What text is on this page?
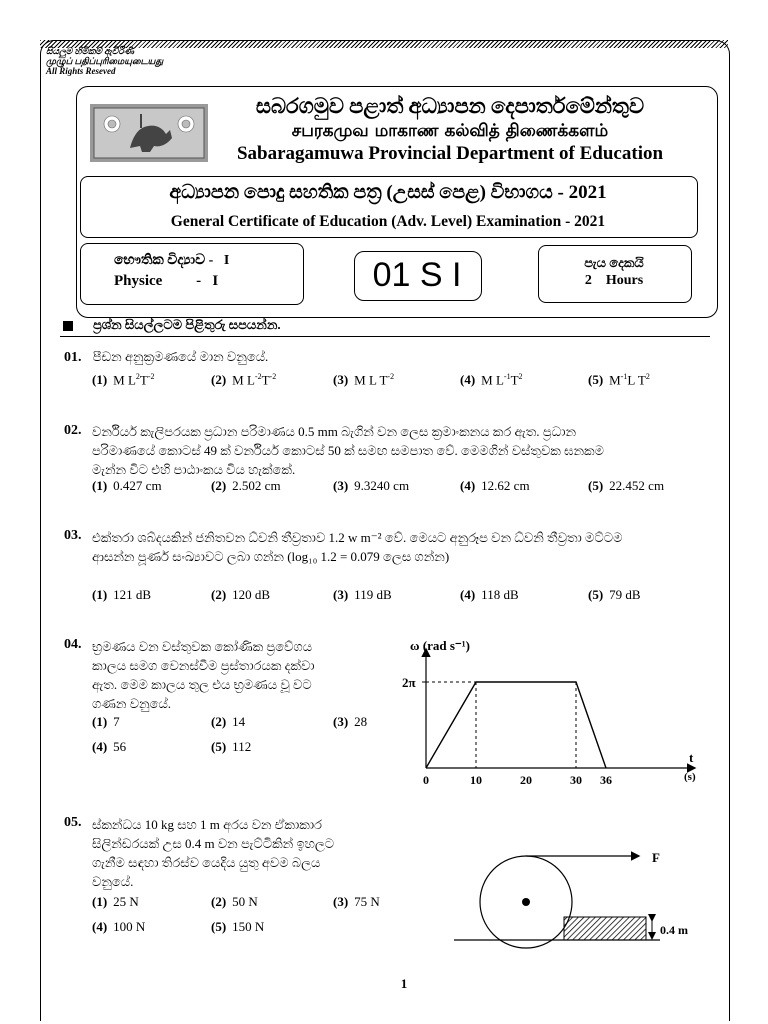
සියලුම හිමිකම් ඇවිරිණි
முழுப் பதிப்புரிமையுடையது
All Rights Reseved
සබරගමුව පළාත් අධ්‍යාපන දෙපාර්තමේන්තුව
சபரகமுவ மாகாண கல்வித் திணைக்களம்
Sabaragamuwa Provincial Department of Education
අධ්‍යාපන පොදු සහතික පත්‍ර (උසස් පෙළ) විභාගය - 2021
General Certificate of Education (Adv. Level) Examination - 2021
භෞතික විද්‍යාව -   I
Physice         -   I	01 S I	පැය දෙකයි
2    Hours
ප්‍රශ්න සියල්ලටම පිළිතුරු සපයන්න.
01. පීඩන අනුක්‍රමණයේ මාන වනුයේ.
(1) M $L^2T^{-2}$	(2) M $L^{-2}T^{-2}$	(3) M L $T^{-2}$	(4) M $L^{-1}T^2$	(5) $M^{-1}L$ $T^2$
02. වර්නියර් කැලිපරයක ප්‍රධාන පරිමාණය 0.5 mm බැගින් වන ලෙස ක්‍රමාංකනය කර ඇත. ප්‍රධාන
පරිමාණයේ කොටස් 49 ක් වර්නියර් කොටස් 50 ක් සමඟ සමපාත වේ. මෙමගින් වස්තුවක ඝනකම
මැන්න විට එහි පාඨාංකය විය හැක්කේ.
(1) 0.427 cm	(2) 2.502 cm	(3) 9.3240 cm	(4) 12.62 cm	(5) 22.452 cm
03. එක්තරා ශබ්දයකින් ජනිතවන ධ්වනි තීව්‍රතාව 1.2 w m⁻² වේ. මෙයට අනුරූප වන ධ්වනි තීව්‍රතා මට්ටම
ආසන්න පූර්ණ සංඛ්‍යාවට ලබා ගන්න (log₁₀ 1.2 = 0.079 ලෙස ගන්න)
(1) 121 dB	(2) 120 dB	(3) 119 dB	(4) 118 dB	(5) 79 dB
04. භ්‍රමණය වන වස්තුවක කෝණික ප්‍රවේගය
කාලය සමග වෙනස්වීම ප්‍රස්තාරයක දක්වා
ඇත. මෙම කාලය තුල එය භ්‍රමණය වූ වට
ගණන වනුයේ.
(1) 7	(2) 14	(3) 28
(4) 56	(5) 112
2π
0	10	20	30 36
t
(s)
ω (rad s⁻¹)
05. ස්කන්ධය 10 kg සහ 1 m අරය වන ඒකාකාර
සිලින්ඩරයක් උස 0.4 m වන පැට්ටිකින් ඉහලට
ගැනීම සඳහා තිරස්ව යෙදිය යුතු අවම බලය
වනුයේ.
(1) 25 N	(2) 50 N	(3) 75 N
(4) 100 N	(5) 150 N
F
0.4 m
1
